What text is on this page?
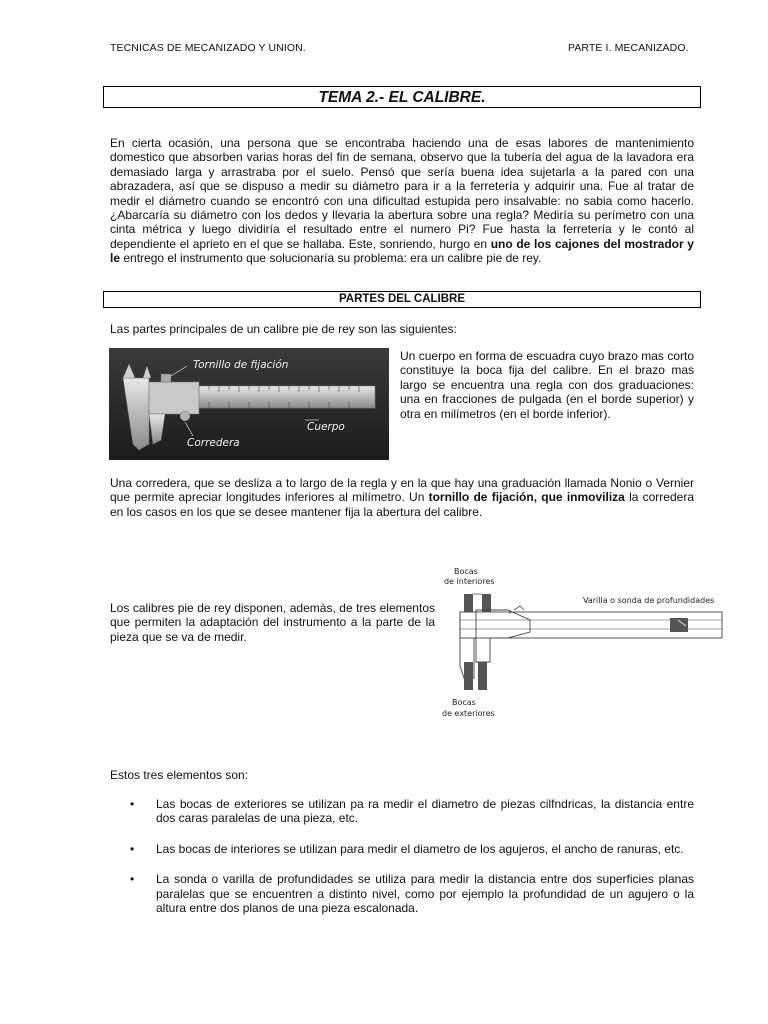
TECNICAS DE MECANIZADO Y UNION.	PARTE I. MECANIZADO.
TEMA 2.- EL CALIBRE.
En cierta ocasión, una persona que se encontraba haciendo una de esas labores de mantenimiento domestico que absorben varias horas del fin de semana, observo que la tubería del agua de la lavadora era demasiado larga y arrastraba por el suelo. Pensó que sería buena idea sujetarla a la pared con una abrazadera, así que se dispuso a medir su diámetro para ir a la ferretería y adquirir una. Fue al tratar de medir el diámetro cuando se encontró con una dificultad estupida pero insalvable: no sabia como hacerlo. ¿Abarcaría su diámetro con los dedos y llevaria la abertura sobre una regla? Mediría su perímetro con una cinta métrica y luego dividiría el resultado entre el numero Pi? Fue hasta la ferretería y le contó al dependiente el aprieto en el que se hallaba. Este, sonriendo, hurgo en uno de los cajones del mostrador y le entrego el instrumento que solucionaría su problema: era un calibre pie de rey.
PARTES DEL CALIBRE
Las partes principales de un calibre pie de rey son las siguientes:
Tornillo de fijación
Cuerpo
Corredera
Un cuerpo en forma de escuadra cuyo brazo mas corto constituye la boca fija del calibre. En el brazo mas largo se encuentra una regla con dos graduaciones: una en fracciones de pulgada (en el borde superior) y otra en milímetros (en el borde inferior).
Una corredera, que se desliza a to largo de la regla y en la que hay una graduación llamada Nonio o Vernier que permite apreciar longitudes inferiores al milímetro. Un tornillo de fijación, que inmoviliza la corredera en los casos en los que se desee mantener fija la abertura del calibre.
Los calibres pie de rey disponen, además, de tres elementos que permiten la adaptación del instrumento a la parte de la pieza que se va de medir.
Bocas
de interiores
Varilla o sonda de profundidades
Bocas
de exteriores
Estos tres elementos son:
• Las bocas de exteriores se utilizan pa ra medir el diametro de piezas cilfndricas, la distancia entre dos caras paralelas de una pieza, etc.
• Las bocas de interiores se utilizan para medir el diametro de los agujeros, el ancho de ranuras, etc.
• La sonda o varilla de profundidades se utiliza para medir la distancia entre dos superficies planas paralelas que se encuentren a distinto nivel, como por ejemplo la profundidad de un agujero o la altura entre dos planos de una pieza escalonada.
